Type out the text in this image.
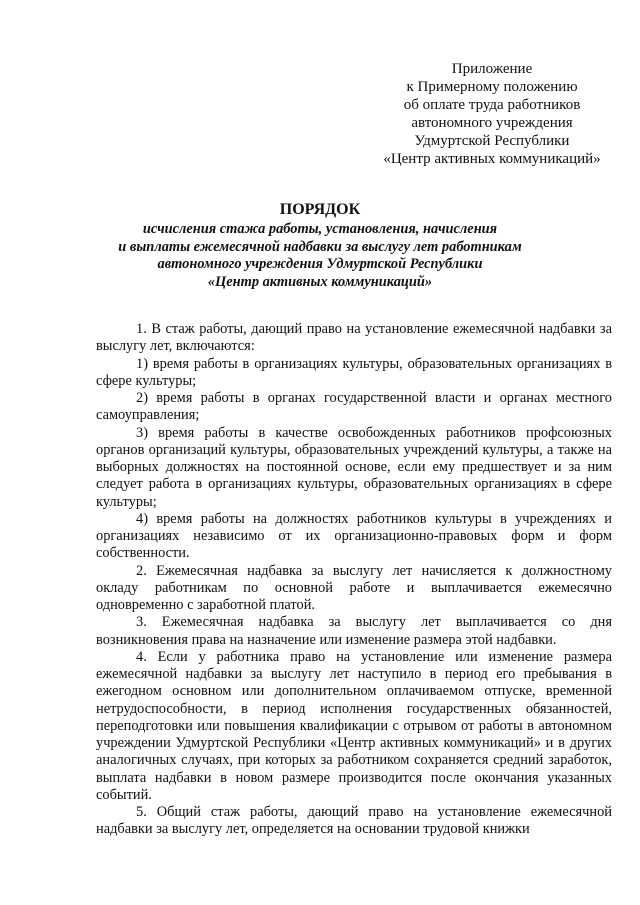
Приложение
к Примерному положению
об оплате труда работников
автономного учреждения
Удмуртской Республики
«Центр активных коммуникаций»
ПОРЯДОК
исчисления стажа работы, установления, начисления
и выплаты ежемесячной надбавки за выслугу лет работникам
автономного учреждения Удмуртской Республики
«Центр активных коммуникаций»
1. В стаж работы, дающий право на установление ежемесячной надбавки за выслугу лет, включаются:
1) время работы в организациях культуры, образовательных организациях в сфере культуры;
2) время работы в органах государственной власти и органах местного самоуправления;
3) время работы в качестве освобожденных работников профсоюзных органов организаций культуры, образовательных учреждений культуры, а также на выборных должностях на постоянной основе, если ему предшествует и за ним следует работа в организациях культуры, образовательных организациях в сфере культуры;
4) время работы на должностях работников культуры в учреждениях и организациях независимо от их организационно-правовых форм и форм собственности.
2. Ежемесячная надбавка за выслугу лет начисляется к должностному окладу работникам по основной работе и выплачивается ежемесячно одновременно с заработной платой.
3. Ежемесячная надбавка за выслугу лет выплачивается со дня возникновения права на назначение или изменение размера этой надбавки.
4. Если у работника право на установление или изменение размера ежемесячной надбавки за выслугу лет наступило в период его пребывания в ежегодном основном или дополнительном оплачиваемом отпуске, временной нетрудоспособности, в период исполнения государственных обязанностей, переподготовки или повышения квалификации с отрывом от работы в автономном учреждении Удмуртской Республики «Центр активных коммуникаций» и в других аналогичных случаях, при которых за работником сохраняется средний заработок, выплата надбавки в новом размере производится после окончания указанных событий.
5. Общий стаж работы, дающий право на установление ежемесячной надбавки за выслугу лет, определяется на основании трудовой книжки
